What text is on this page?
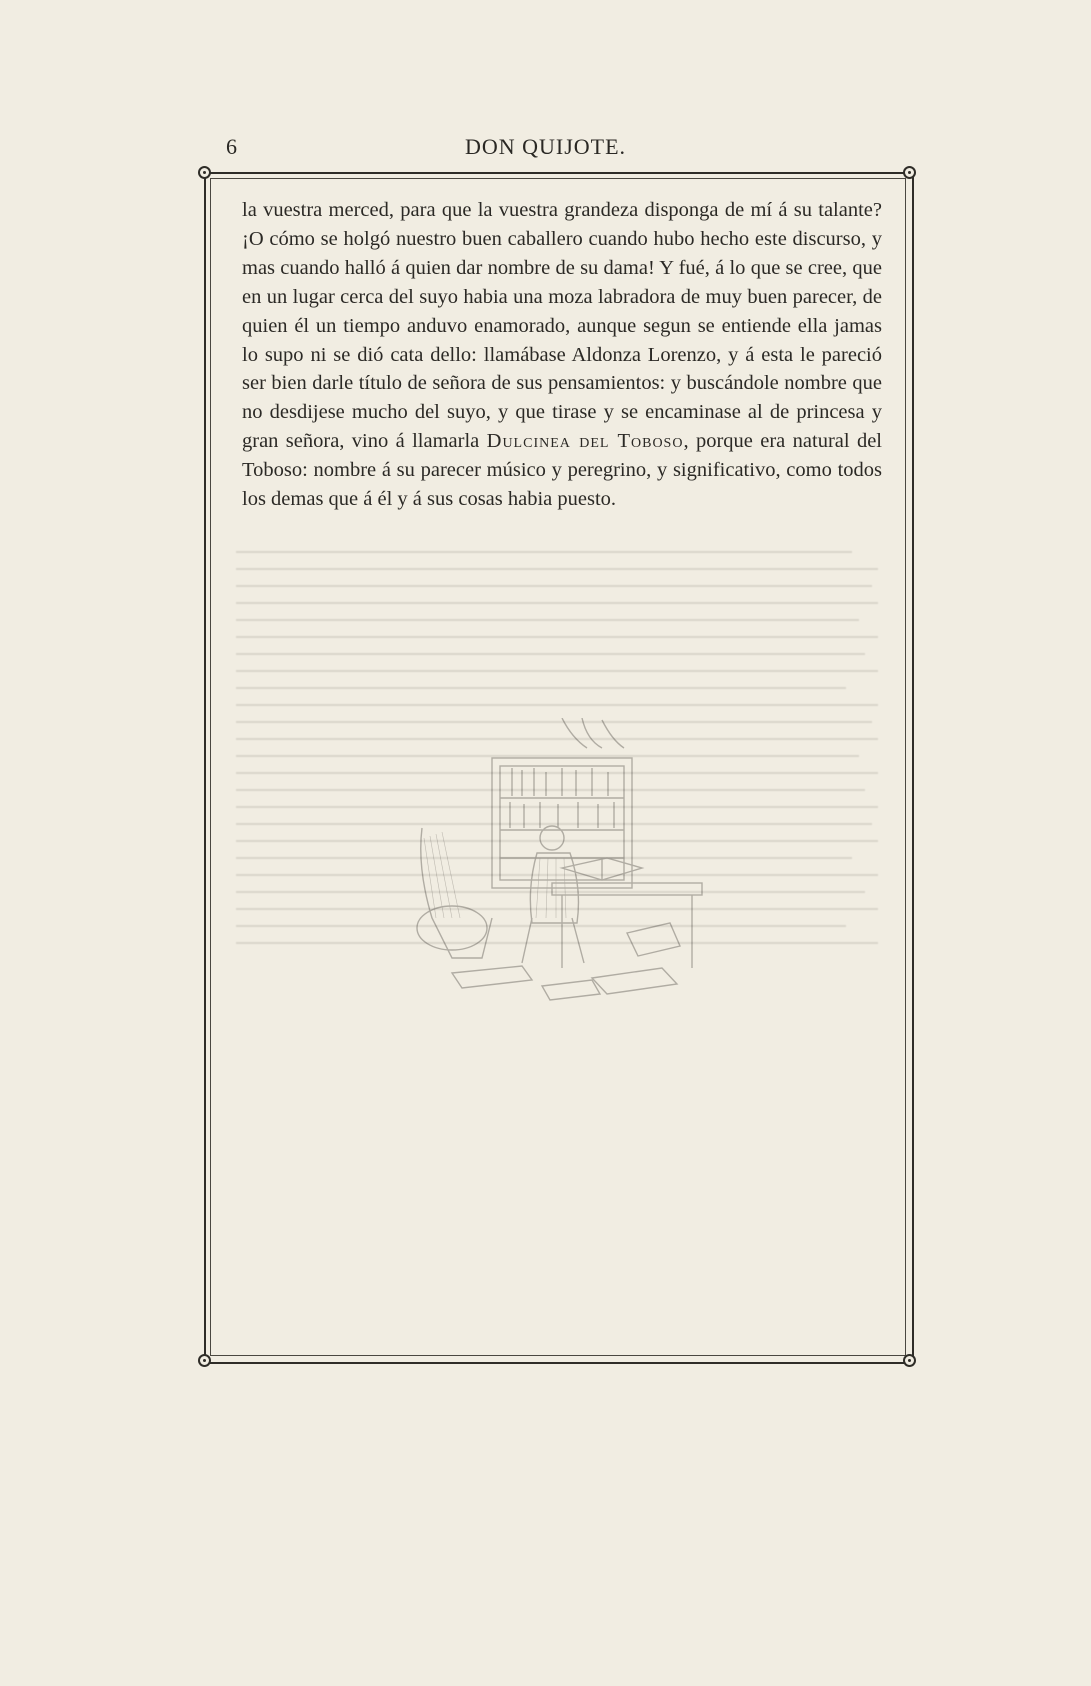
6	DON QUIJOTE.

la vuestra merced, para que la vuestra grandeza disponga de mí á su talante? ¡O cómo se holgó nuestro buen caballero cuando hubo hecho este discurso, y mas cuando halló á quien dar nombre de su dama! Y fué, á lo que se cree, que en un lugar cerca del suyo habia una moza labradora de muy buen parecer, de quien él un tiempo anduvo enamorado, aunque segun se entiende ella jamas lo supo ni se dió cata dello: llamábase Aldonza Lorenzo, y á esta le pareció ser bien darle título de señora de sus pensamientos: y buscándole nombre que no desdijese mucho del suyo, y que tirase y se encaminase al de princesa y gran señora, vino á llamarla Dulcinea del Toboso, porque era natural del Toboso: nombre á su parecer músico y peregrino, y significativo, como todos los demas que á él y á sus cosas habia puesto.
